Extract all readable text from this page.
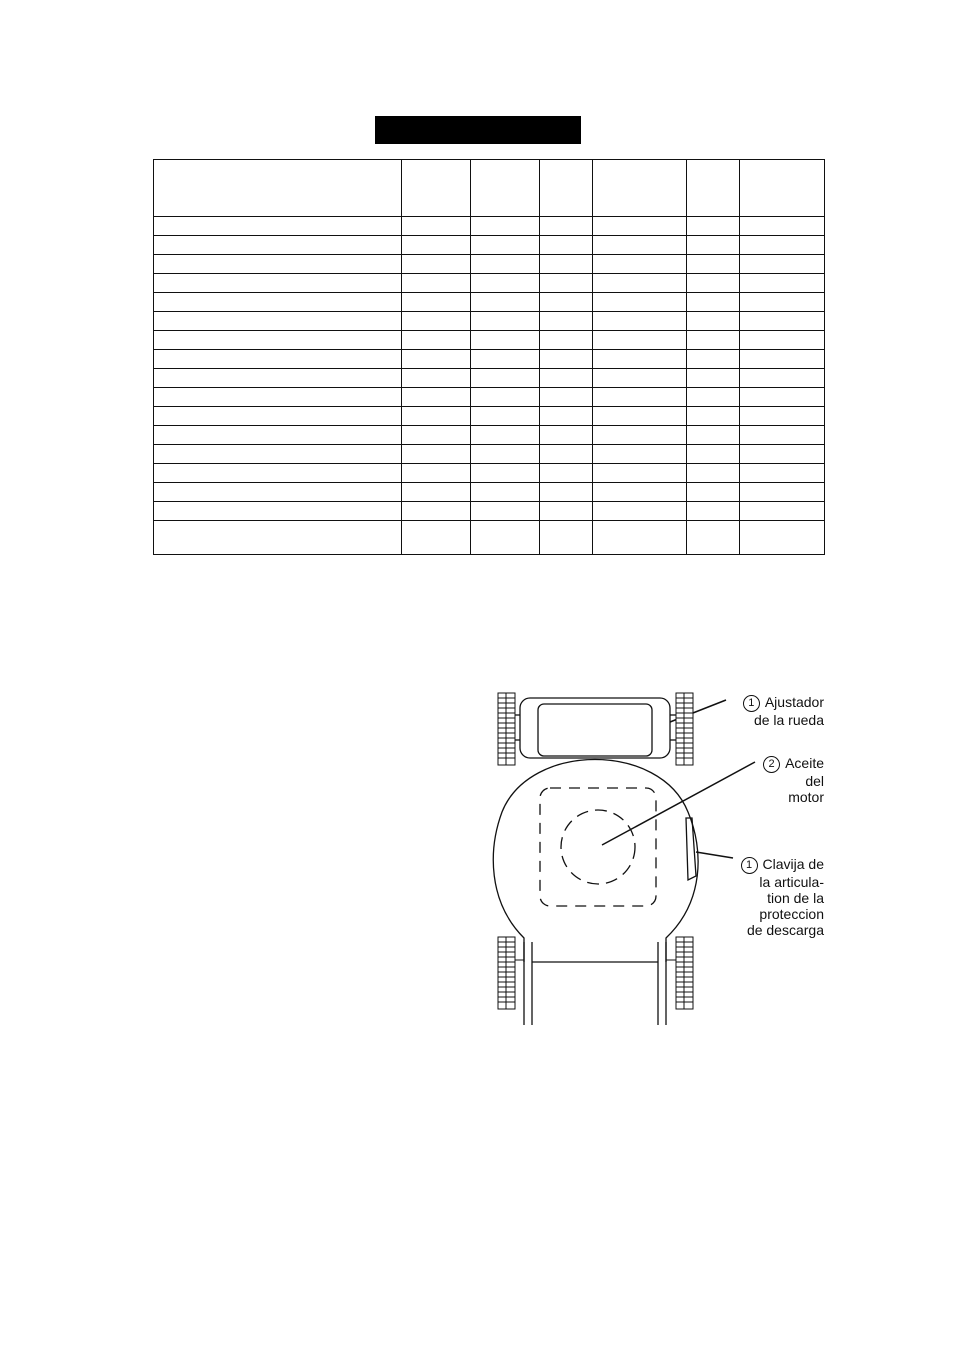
1 Ajustador
de la rueda
2 Aceite
del
motor
1 Clavija de
la articula-
tion de la
proteccion
de descarga
